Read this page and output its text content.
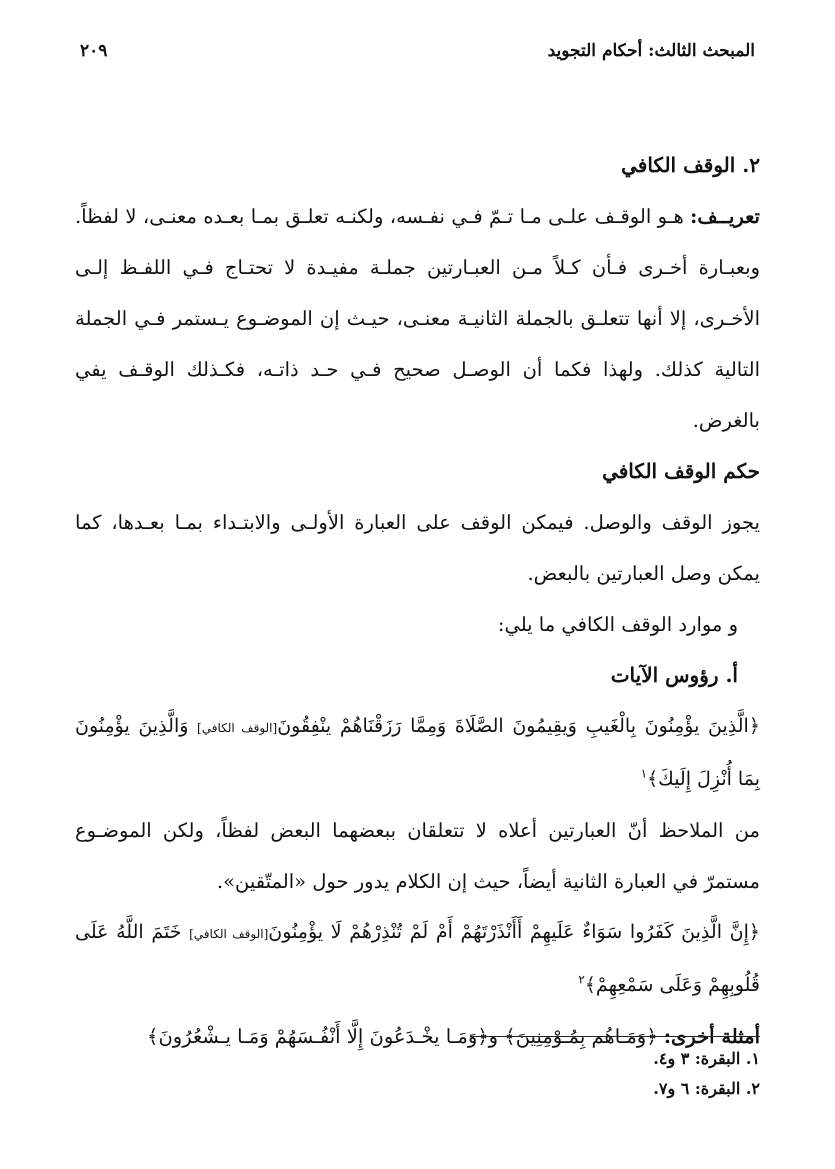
المبحث الثالث: أحكام التجويد
٢٠٩

٢. الوقف الكافي

تعريــف: هـو الوقـف علـى مـا تـمّ فـي نفـسه، ولكنـه تعلـق بمـا بعـده معنـى، لا لفظاً. وبعبـارة أخـرى فـأن كـلاً مـن العبـارتين جملـة مفيـدة لا تحتـاج فـي اللفـظ إلـى الأخـرى، إلا أنها تتعلـق بالجملة الثانيـة معنـى، حيـث إن الموضـوع يـستمر فـي الجملة التالية كذلك. ولهذا فكما أن الوصـل صحيح فـي حـد ذاتـه، فكـذلك الوقـف يفي بالغرض.

حكم الوقف الكافي

يجوز الوقف والوصل. فيمكن الوقف على العبارة الأولـى والابتـداء بمـا بعـدها، كما يمكن وصل العبارتين بالبعض.

و موارد الوقف الكافي ما يلي:

أ. رؤوس الآيات

﴿الَّذِينَ يؤْمِنُونَ بِالْغَيبِ وَيقِيمُونَ الصَّلَاةَ وَمِمَّا رَزَقْنَاهُمْ ينْفِقُونَ[الوقف الكافي] وَالَّذِينَ يؤْمِنُونَ بِمَا أُنْزِلَ إِلَيكَ﴾$^١$

من الملاحظ أنّ العبارتين أعلاه لا تتعلقان ببعضهما البعض لفظاً، ولكن الموضـوع مستمرّ في العبارة الثانية أيضاً، حيث إن الكلام يدور حول «المتّقين».

﴿إِنَّ الَّذِينَ كَفَرُوا سَوَاءٌ عَلَيهِمْ أَأَنْذَرْتَهُمْ أَمْ لَمْ تُنْذِرْهُمْ لَا يؤْمِنُونَ[الوقف الكافي] خَتَمَ اللَّهُ عَلَى قُلُوبِهِمْ وَعَلَى سَمْعِهِمْ﴾$^٢$

أمثلة أخرى: ﴿وَمَـاهُم بِمُـوْمِنِينَ﴾ و﴿وَمَـا يخْـدَعُونَ إِلَّا أَنْفُـسَهُمْ وَمَـا يـشْعُرُونَ﴾

١. البقرة: ٣ و٤.

٢. البقرة: ٦ و٧.
